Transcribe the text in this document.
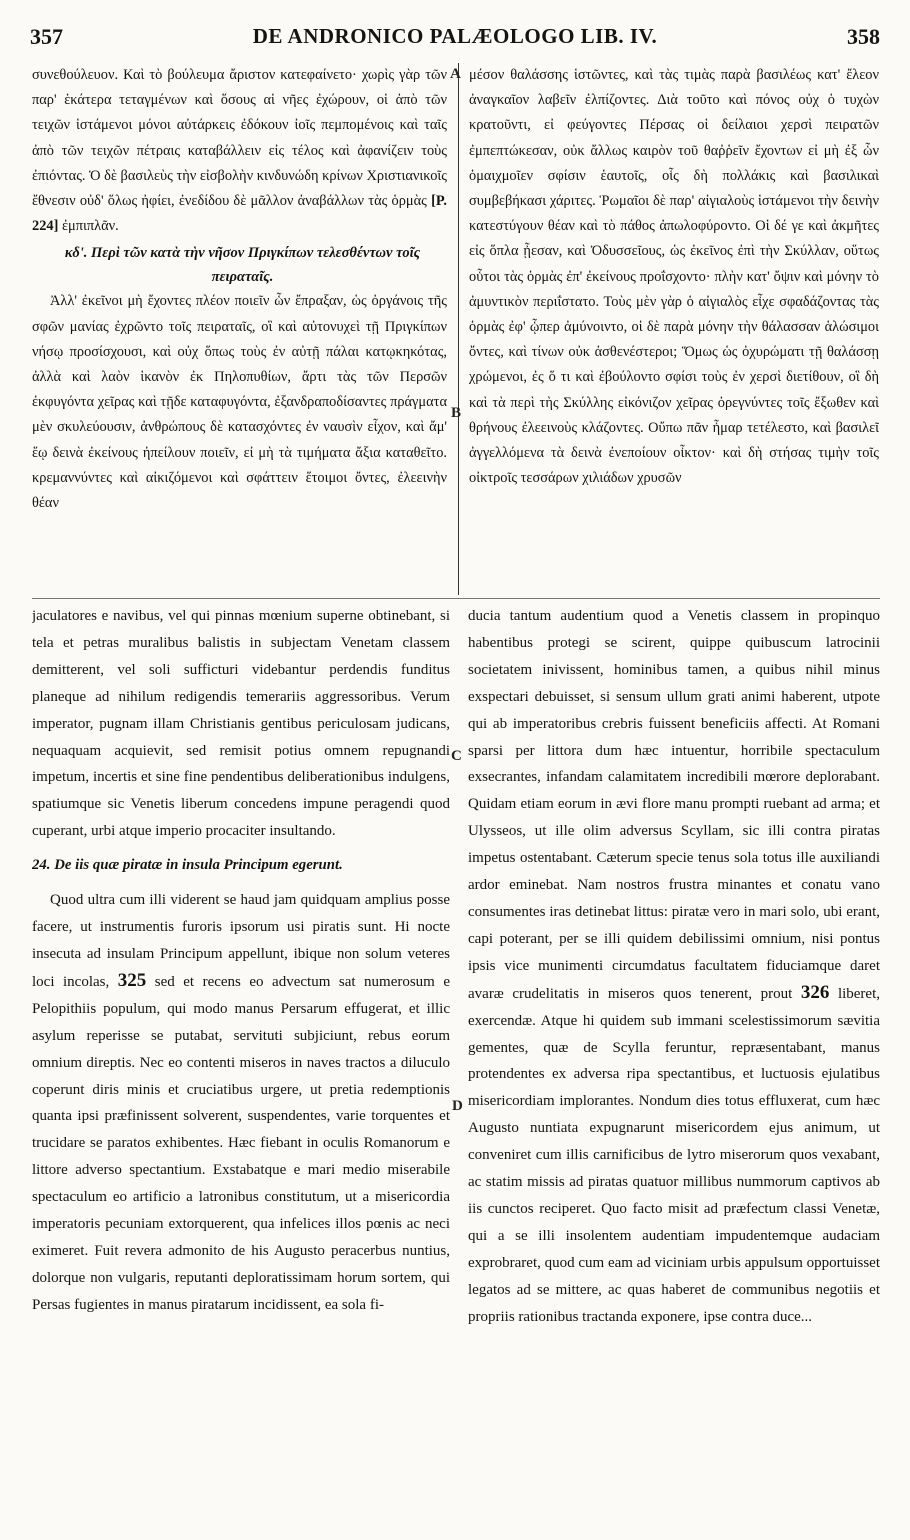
357	DE ANDRONICO PALÆOLOGO LIB. IV.	358
A
B
C
D

συνεθούλευον. Καὶ τὸ βούλευμα ἄριστον κατεφαίνετο· χωρὶς γὰρ τῶν παρ' ἑκάτερα τεταγμένων καὶ ὅσους αἱ νῆες ἐχώρουν, οἱ ἀπὸ τῶν τειχῶν ἱστάμενοι μόνοι αὐτάρκεις ἐδόκουν ἰοῖς πεμπομένοις καὶ ταῖς ἀπὸ τῶν τειχῶν πέτραις καταβάλλειν εἰς τέλος καὶ ἀφανίζειν τοὺς ἐπιόντας. Ὁ δὲ βασιλεὺς τὴν εἰσβολὴν κινδυνώδη κρίνων Χριστιανικοῖς ἔθνεσιν οὐδ' ὅλως ἠφίει, ἐνεδίδου δὲ μᾶλλον ἀναβάλλων τὰς ὁρμὰς [P. 224] ἐμπιπλᾶν.

κδ'. Περὶ τῶν κατὰ τὴν νῆσον Πριγκίπων τελεσθέντων τοῖς πειραταῖς.

Ἀλλ' ἐκεῖνοι μὴ ἔχοντες πλέον ποιεῖν ὧν ἔπραξαν, ὡς ὀργάνοις τῆς σφῶν μανίας ἐχρῶντο τοῖς πειραταῖς, οἳ καὶ αὐτονυχεὶ τῇ Πριγκίπων νήσῳ προσίσχουσι, καὶ οὐχ ὅπως τοὺς ἐν αὐτῇ πάλαι κατῳκηκότας, ἀλλὰ καὶ λαὸν ἱκανὸν ἐκ Πηλοπυθίων, ἄρτι τὰς τῶν Περσῶν ἐκφυγόντα χεῖρας καὶ τῇδε καταφυγόντα, ἐξανδραποδίσαντες πράγματα μὲν σκυλεύουσιν, ἀνθρώπους δὲ κατασχόντες ἐν ναυσὶν εἶχον, καὶ ἄμ' ἕῳ δεινὰ ἐκείνους ἠπείλουν ποιεῖν, εἰ μὴ τὰ τιμήματα ἄξια καταθεῖτο. κρεμαννύντες καὶ αἰκιζόμενοι καὶ σφάττειν ἕτοιμοι ὄντες, ἐλεεινὴν θέαν

μέσον θαλάσσης ἱστῶντες, καὶ τὰς τιμὰς παρὰ βασιλέως κατ' ἔλεον ἀναγκαῖον λαβεῖν ἐλπίζοντες. Διὰ τοῦτο καὶ πόνος οὐχ ὁ τυχὼν κρατοῦντι, εἰ φεύγοντες Πέρσας οἱ δείλαιοι χερσὶ πειρατῶν ἐμπεπτώκεσαν, οὐκ ἄλλως καιρὸν τοῦ θαῤῥεῖν ἔχοντων εἰ μὴ ἐξ ὧν ὁμαιχμοῖεν σφίσιν ἑαυτοῖς, οἷς δὴ πολλάκις καὶ βασιλικαὶ συμβεβήκασι χάριτες. Ῥωμαῖοι δὲ παρ' αἰγιαλοὺς ἱστάμενοι τὴν δεινὴν κατεστύγουν θέαν καὶ τὸ πάθος ἀπωλοφύροντο. Οἱ δέ γε καὶ ἀκμῆτες εἰς ὅπλα ᾖεσαν, καὶ Ὀδυσσεῖους, ὡς ἐκεῖνος ἐπὶ τὴν Σκύλλαν, οὕτως οὗτοι τὰς ὁρμὰς ἐπ' ἐκείνους προΐσχοντο· πλὴν κατ' ὄψιν καὶ μόνην τὸ ἀμυντικὸν περιΐστατο. Τοὺς μὲν γὰρ ὁ αἰγιαλὸς εἶχε σφαδάζοντας τὰς ὁρμὰς ἐφ' ᾧπερ ἀμύνοιντο, οἱ δὲ παρὰ μόνην τὴν θάλασσαν ἁλώσιμοι ὄντες, καὶ τίνων οὐκ ἀσθενέστεροι; Ὅμως ὡς ὀχυρώματι τῇ θαλάσσῃ χρώμενοι, ἐς ὅ τι καὶ ἐβούλοντο σφίσι τοὺς ἐν χερσὶ διετίθουν, οἳ δὴ καὶ τὰ περὶ τὴς Σκύλλης εἰκόνιζον χεῖρας ὀρεγνύντες τοῖς ἔξωθεν καὶ θρήνους ἐλεεινοὺς κλάζοντες. Οὔπω πᾶν ἦμαρ τετέλεστο, καὶ βασιλεῖ ἀγγελλόμενα τὰ δεινὰ ἐνεποίουν οἶκτον· καὶ δὴ στήσας τιμὴν τοῖς οἰκτροῖς τεσσάρων χιλιάδων χρυσῶν

jaculatores e navibus, vel qui pinnas mœnium superne obtinebant, si tela et petras muralibus balistis in subjectam Venetam classem demitterent, vel soli sufficturi videbantur perdendis funditus planeque ad nihilum redigendis temerariis aggressoribus. Verum imperator, pugnam illam Christianis gentibus periculosam judicans, nequaquam acquievit, sed remisit potius omnem repugnandi impetum, incertis et sine fine pendentibus deliberationibus indulgens, spatiumque sic Venetis liberum concedens impune peragendi quod cuperant, urbi atque imperio procaciter insultando.

24. De iis quæ piratæ in insula Principum egerunt.

Quod ultra cum illi viderent se haud jam quidquam amplius posse facere, ut instrumentis furoris ipsorum usi piratis sunt. Hi nocte insecuta ad insulam Principum appellunt, ibique non solum veteres loci incolas, 325 sed et recens eo advectum sat numerosum e Pelopithiis populum, qui modo manus Persarum effugerat, et illic asylum reperisse se putabat, servituti subjiciunt, rebus eorum omnium direptis. Nec eo contenti miseros in naves tractos a diluculo coperunt diris minis et cruciatibus urgere, ut pretia redemptionis quanta ipsi præfinissent solverent, suspendentes, varie torquentes et trucidare se paratos exhibentes. Hæc fiebant in oculis Romanorum e littore adverso spectantium. Exstabatque e mari medio miserabile spectaculum eo artificio a latronibus constitutum, ut a misericordia imperatoris pecuniam extorquerent, qua infelices illos pœnis ac neci eximeret. Fuit revera admonito de his Augusto peracerbus nuntius, dolorque non vulgaris, reputanti deploratissimam horum sortem, qui Persas fugientes in manus piratarum incidissent, ea sola fi-

ducia tantum audentium quod a Venetis classem in propinquo habentibus protegi se scirent, quippe quibuscum latrocinii societatem inivissent, hominibus tamen, a quibus nihil minus exspectari debuisset, si sensum ullum grati animi haberent, utpote qui ab imperatoribus crebris fuissent beneficiis affecti. At Romani sparsi per littora dum hæc intuentur, horribile spectaculum exsecrantes, infandam calamitatem incredibili mœrore deplorabant. Quidam etiam eorum in ævi flore manu prompti ruebant ad arma; et Ulysseos, ut ille olim adversus Scyllam, sic illi contra piratas impetus ostentabant. Cæterum specie tenus sola totus ille auxiliandi ardor eminebat. Nam nostros frustra minantes et conatu vano consumentes iras detinebat littus: piratæ vero in mari solo, ubi erant, capi poterant, per se illi quidem debilissimi omnium, nisi pontus ipsis vice munimenti circumdatus facultatem fiduciamque daret avaræ crudelitatis in miseros quos tenerent, prout 326 liberet, exercendæ. Atque hi quidem sub immani scelestissimorum sævitia gementes, quæ de Scylla feruntur, repræsentabant, manus protendentes ex adversa ripa spectantibus, et luctuosis ejulatibus misericordiam implorantes. Nondum dies totus effluxerat, cum hæc Augusto nuntiata expugnarunt misericordem ejus animum, ut conveniret cum illis carnificibus de lytro miserorum quos vexabant, ac statim missis ad piratas quatuor millibus nummorum captivos ab iis cunctos reciperet. Quo facto misit ad præfectum classi Venetæ, qui a se illi insolentem audentiam impudentemque audaciam exprobraret, quod cum eam ad viciniam urbis appulsum opportuisset legatos ad se mittere, ac quas haberet de communibus negotiis et propriis rationibus tractanda exponere, ipse contra duce...
